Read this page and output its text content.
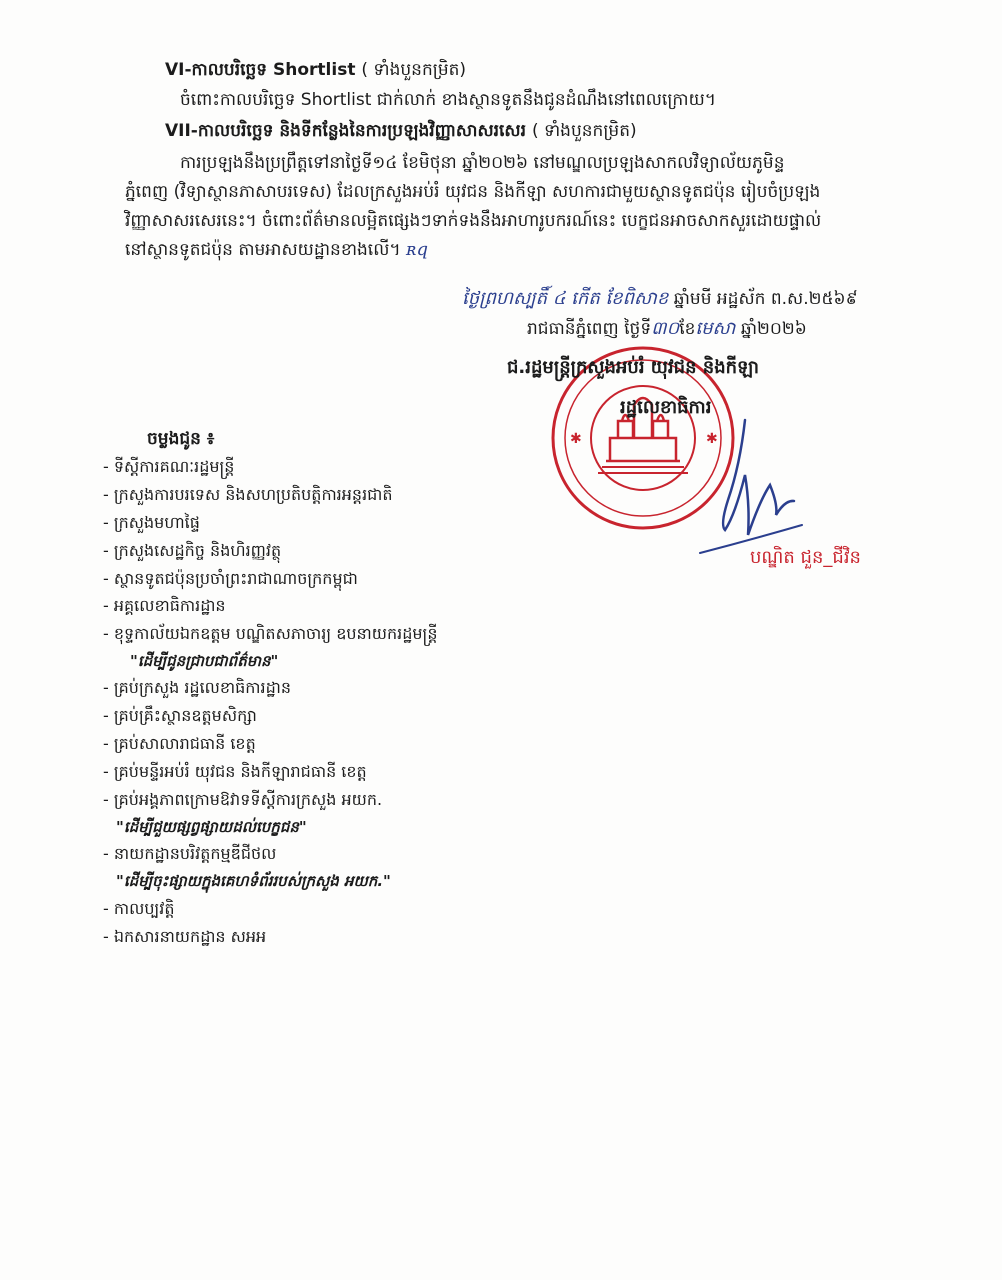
VI-កាលបរិច្ឆេទ Shortlist ( ទាំងបួនកម្រិត)
ចំពោះកាលបរិច្ឆេទ Shortlist ជាក់លាក់ ខាងស្ថានទូតនឹងជូនដំណឹងនៅពេលក្រោយ។
VII-កាលបរិច្ឆេទ និងទីកន្លែងនៃការប្រឡងវិញ្ញាសាសរសេរ ( ទាំងបួនកម្រិត)
ការប្រឡងនឹងប្រព្រឹត្តទៅនាថ្ងៃទី១៤ ខែមិថុនា ឆ្នាំ២០២៦ នៅមណ្ឌលប្រឡងសាកលវិទ្យាល័យភូមិន្ទ
ភ្នំពេញ (វិទ្យាស្ថានភាសាបរទេស) ដែលក្រសួងអប់រំ យុវជន និងកីឡា សហការជាមួយស្ថានទូតជប៉ុន រៀបចំប្រឡង
វិញ្ញាសាសរសេរនេះ។ ចំពោះព័ត៌មានលម្អិតផ្សេងៗទាក់ទងនឹងអាហារូបករណ៍នេះ បេក្ខជនអាចសាកសួរដោយផ្ទាល់
នៅស្ថានទូតជប៉ុន តាមអាសយដ្ឋានខាងលើ។ ʀq
ថ្ងៃព្រហស្បតិ៍ ៤ កើត ខែពិសាខ ឆ្នាំមមី អដ្ឋស័ក ព.ស.២៥៦៩
រាជធានីភ្នំពេញ ថ្ងៃទី៣០ខែមេសា ឆ្នាំ២០២៦
✱	✱
ជ.រដ្ឋមន្ត្រីក្រសួងអប់រំ យុវជន និងកីឡា
រដ្ឋលេខាធិការ
បណ្ឌិត ជួន_ជីវិន
ចម្លងជូន ៖
- ទីស្តីការគណៈរដ្ឋមន្ត្រី
- ក្រសួងការបរទេស និងសហប្រតិបត្តិការអន្តរជាតិ
- ក្រសួងមហាផ្ទៃ
- ក្រសួងសេដ្ឋកិច្ច និងហិរញ្ញវត្ថុ
- ស្ថានទូតជប៉ុនប្រចាំព្រះរាជាណាចក្រកម្ពុជា
- អគ្គលេខាធិការដ្ឋាន
- ខុទ្ទកាល័យឯកឧត្តម បណ្ឌិតសភាចារ្យ ឧបនាយករដ្ឋមន្ត្រី
"ដើម្បីជូនជ្រាបជាព័ត៌មាន"
- គ្រប់ក្រសួង រដ្ឋលេខាធិការដ្ឋាន
- គ្រប់គ្រឹះស្ថានឧត្តមសិក្សា
- គ្រប់សាលារាជធានី ខេត្ត
- គ្រប់មន្ទីរអប់រំ យុវជន និងកីឡារាជធានី ខេត្ត
- គ្រប់អង្គភាពក្រោមឱវាទទីស្តីការក្រសួង អយក.
"ដើម្បីជួយផ្សព្វផ្សាយដល់បេក្ខជន"
- នាយកដ្ឋានបរិវត្តកម្មឌីជីថល
"ដើម្បីចុះផ្សាយក្នុងគេហទំព័ររបស់ក្រសួង អយក."
- កាលប្បវត្តិ
- ឯកសារនាយកដ្ឋាន សអអ
